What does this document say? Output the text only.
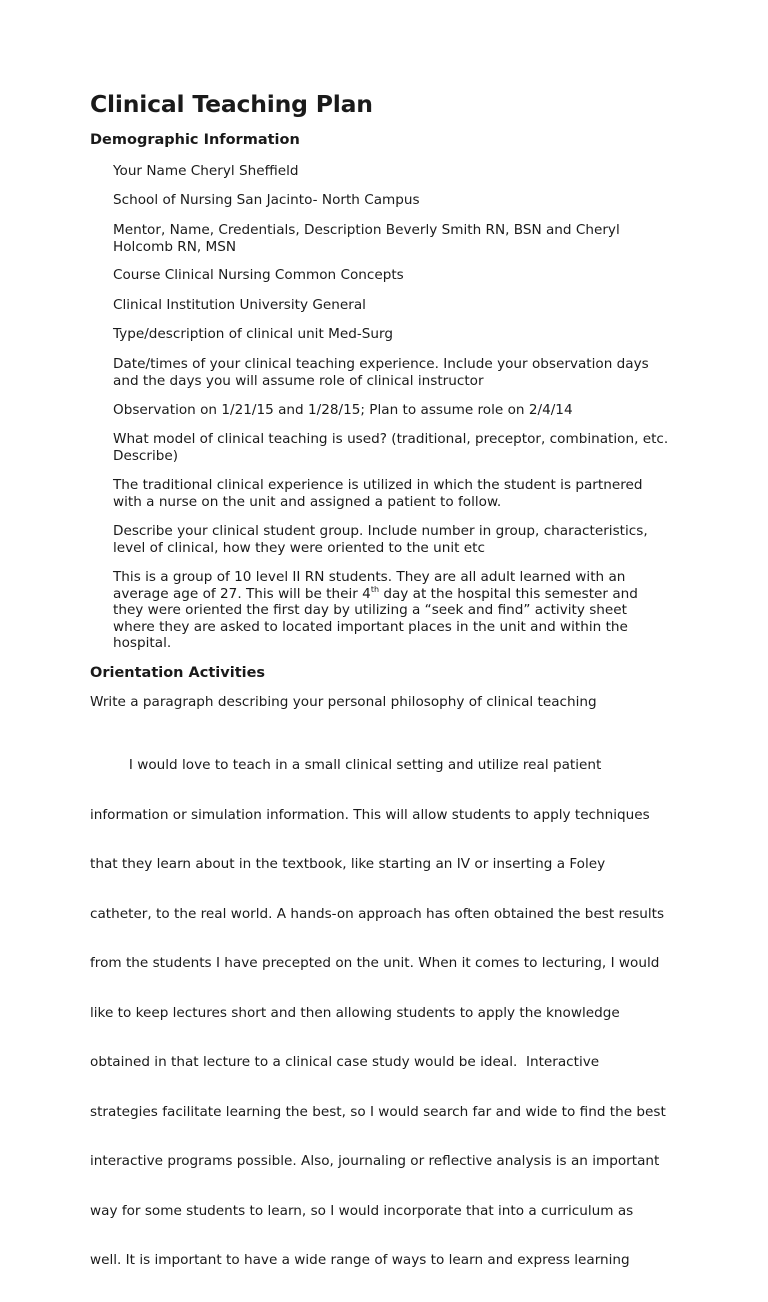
Clinical Teaching Plan
Demographic Information
Your Name Cheryl Sheffield
School of Nursing San Jacinto- North Campus
Mentor, Name, Credentials, Description Beverly Smith RN, BSN and Cheryl
Holcomb RN, MSN
Course Clinical Nursing Common Concepts
Clinical Institution University General
Type/description of clinical unit Med-Surg
Date/times of your clinical teaching experience. Include your observation days
and the days you will assume role of clinical instructor
Observation on 1/21/15 and 1/28/15; Plan to assume role on 2/4/14
What model of clinical teaching is used? (traditional, preceptor, combination, etc.
Describe)
The traditional clinical experience is utilized in which the student is partnered
with a nurse on the unit and assigned a patient to follow.
Describe your clinical student group. Include number in group, characteristics,
level of clinical, how they were oriented to the unit etc
This is a group of 10 level II RN students. They are all adult learned with an
average age of 27. This will be their 4th day at the hospital this semester and
they were oriented the first day by utilizing a “seek and find” activity sheet
where they are asked to located important places in the unit and within the
hospital.
Orientation Activities
Write a paragraph describing your personal philosophy of clinical teaching

I would love to teach in a small clinical setting and utilize real patient

information or simulation information. This will allow students to apply techniques

that they learn about in the textbook, like starting an IV or inserting a Foley

catheter, to the real world. A hands-on approach has often obtained the best results

from the students I have precepted on the unit. When it comes to lecturing, I would

like to keep lectures short and then allowing students to apply the knowledge

obtained in that lecture to a clinical case study would be ideal.  Interactive

strategies facilitate learning the best, so I would search far and wide to find the best

interactive programs possible. Also, journaling or reflective analysis is an important

way for some students to learn, so I would incorporate that into a curriculum as

well. It is important to have a wide range of ways to learn and express learning
